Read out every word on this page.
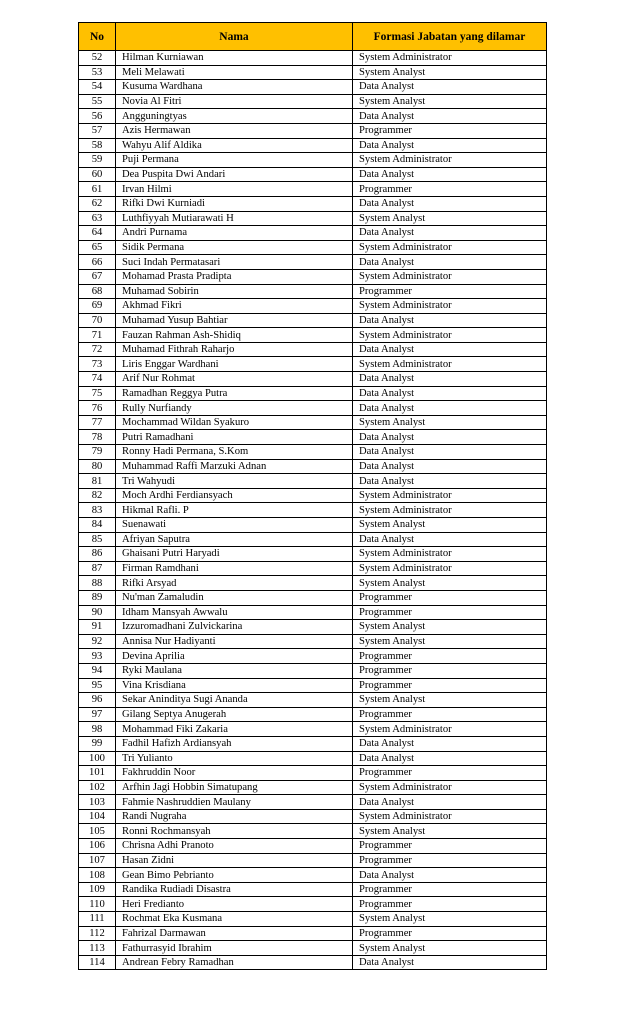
No	Nama	Formasi Jabatan yang dilamar
52	Hilman Kurniawan	System Administrator
53	Meli Melawati	System Analyst
54	Kusuma Wardhana	Data Analyst
55	Novia Al Fitri	System Analyst
56	Angguningtyas	Data Analyst
57	Azis Hermawan	Programmer
58	Wahyu Alif Aldika	Data Analyst
59	Puji Permana	System Administrator
60	Dea Puspita Dwi Andari	Data Analyst
61	Irvan Hilmi	Programmer
62	Rifki Dwi Kurniadi	Data Analyst
63	Luthfiyyah Mutiarawati H	System Analyst
64	Andri Purnama	Data Analyst
65	Sidik Permana	System Administrator
66	Suci Indah Permatasari	Data Analyst
67	Mohamad Prasta Pradipta	System Administrator
68	Muhamad Sobirin	Programmer
69	Akhmad Fikri	System Administrator
70	Muhamad Yusup Bahtiar	Data Analyst
71	Fauzan Rahman Ash-Shidiq	System Administrator
72	Muhamad Fithrah Raharjo	Data Analyst
73	Liris Enggar Wardhani	System Administrator
74	Arif Nur Rohmat	Data Analyst
75	Ramadhan Reggya Putra	Data Analyst
76	Rully Nurfiandy	Data Analyst
77	Mochammad Wildan Syakuro	System Analyst
78	Putri Ramadhani	Data Analyst
79	Ronny Hadi Permana, S.Kom	Data Analyst
80	Muhammad Raffi Marzuki Adnan	Data Analyst
81	Tri Wahyudi	Data Analyst
82	Moch Ardhi Ferdiansyach	System Administrator
83	Hikmal Rafli. P	System Administrator
84	Suenawati	System Analyst
85	Afriyan Saputra	Data Analyst
86	Ghaisani Putri Haryadi	System Administrator
87	Firman Ramdhani	System Administrator
88	Rifki Arsyad	System Analyst
89	Nu'man Zamaludin	Programmer
90	Idham Mansyah Awwalu	Programmer
91	Izzuromadhani Zulvickarina	System Analyst
92	Annisa Nur Hadiyanti	System Analyst
93	Devina Aprilia	Programmer
94	Ryki Maulana	Programmer
95	Vina Krisdiana	Programmer
96	Sekar Aninditya Sugi Ananda	System Analyst
97	Gilang Septya Anugerah	Programmer
98	Mohammad Fiki Zakaria	System Administrator
99	Fadhil Hafizh Ardiansyah	Data Analyst
100	Tri Yulianto	Data Analyst
101	Fakhruddin Noor	Programmer
102	Arfhin Jagi Hobbin Simatupang	System Administrator
103	Fahmie Nashruddien Maulany	Data Analyst
104	Randi Nugraha	System Administrator
105	Ronni Rochmansyah	System Analyst
106	Chrisna Adhi Pranoto	Programmer
107	Hasan Zidni	Programmer
108	Gean Bimo Pebrianto	Data Analyst
109	Randika Rudiadi Disastra	Programmer
110	Heri Fredianto	Programmer
111	Rochmat Eka Kusmana	System Analyst
112	Fahrizal Darmawan	Programmer
113	Fathurrasyid Ibrahim	System Analyst
114	Andrean Febry Ramadhan	Data Analyst
